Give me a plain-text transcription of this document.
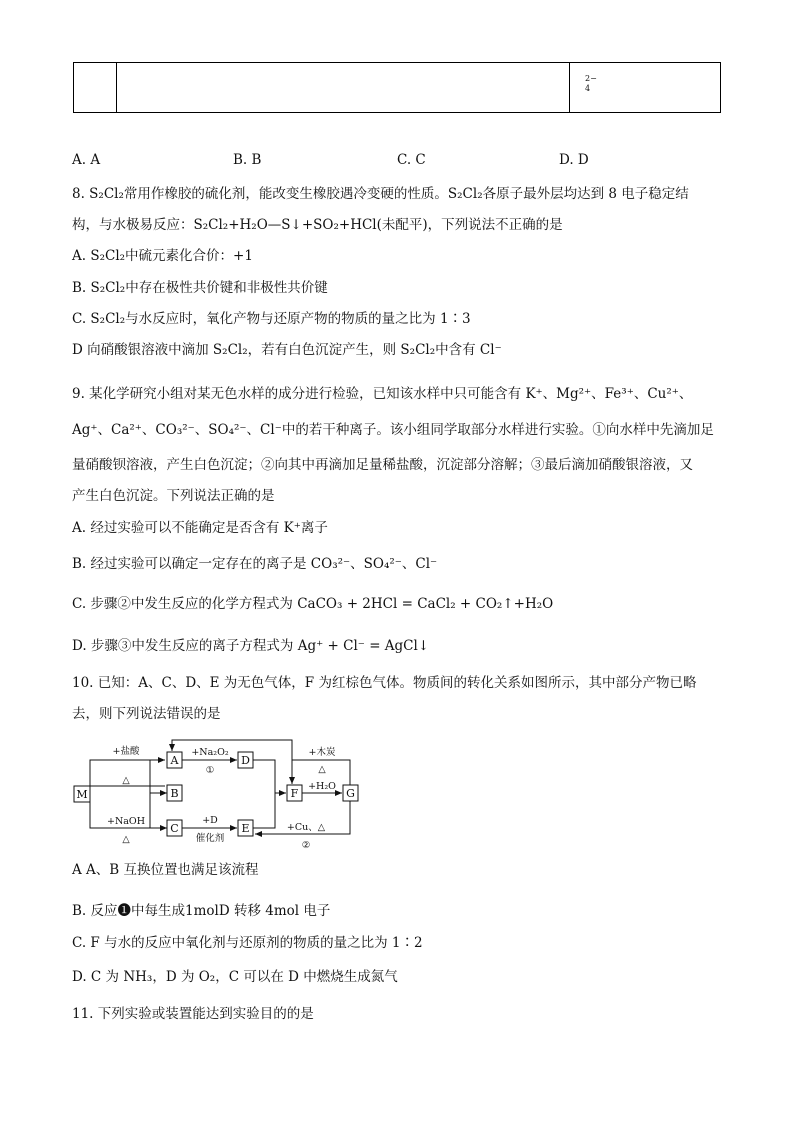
2−
4
A. A	B. B	C. C	D. D
8. S₂Cl₂常用作橡胶的硫化剂，能改变生橡胶遇冷变硬的性质。S₂Cl₂各原子最外层均达到 8 电子稳定结
构，与水极易反应：S₂Cl₂+H₂O—S↓+SO₂+HCl(未配平)，下列说法不正确的是
A. S₂Cl₂中硫元素化合价：+1
B. S₂Cl₂中存在极性共价键和非极性共价键
C. S₂Cl₂与水反应时，氧化产物与还原产物的物质的量之比为 1∶3
D 向硝酸银溶液中滴加 S₂Cl₂，若有白色沉淀产生，则 S₂Cl₂中含有 Cl⁻
9. 某化学研究小组对某无色水样的成分进行检验，已知该水样中只可能含有 K⁺、Mg²⁺、Fe³⁺、Cu²⁺、
Ag⁺、Ca²⁺、CO₃²⁻、SO₄²⁻、Cl⁻中的若干种离子。该小组同学取部分水样进行实验。①向水样中先滴加足
量硝酸钡溶液，产生白色沉淀；②向其中再滴加足量稀盐酸，沉淀部分溶解；③最后滴加硝酸银溶液，又
产生白色沉淀。下列说法正确的是
A. 经过实验可以不能确定是否含有 K⁺离子
B. 经过实验可以确定一定存在的离子是 CO₃²⁻、SO₄²⁻、Cl⁻
C. 步骤②中发生反应的化学方程式为 CaCO₃ + 2HCl = CaCl₂ + CO₂↑+H₂O
D. 步骤③中发生反应的离子方程式为 Ag⁺ + Cl⁻ = AgCl↓
10. 已知：A、C、D、E 为无色气体，F 为红棕色气体。物质间的转化关系如图所示，其中部分产物已略
去，则下列说法错误的是
M
A
B
C
D
E
F	G
+盐酸
△
+NaOH
△
+Na₂O₂
①
+D
催化剂
+木炭
△
+H₂O
+Cu、△
②
A A、B 互换位置也满足该流程
B. 反应❶中每生成1molD 转移 4mol 电子
C. F 与水的反应中氧化剂与还原剂的物质的量之比为 1∶2
D. C 为 NH₃，D 为 O₂，C 可以在 D 中燃烧生成氮气
11. 下列实验或装置能达到实验目的的是
